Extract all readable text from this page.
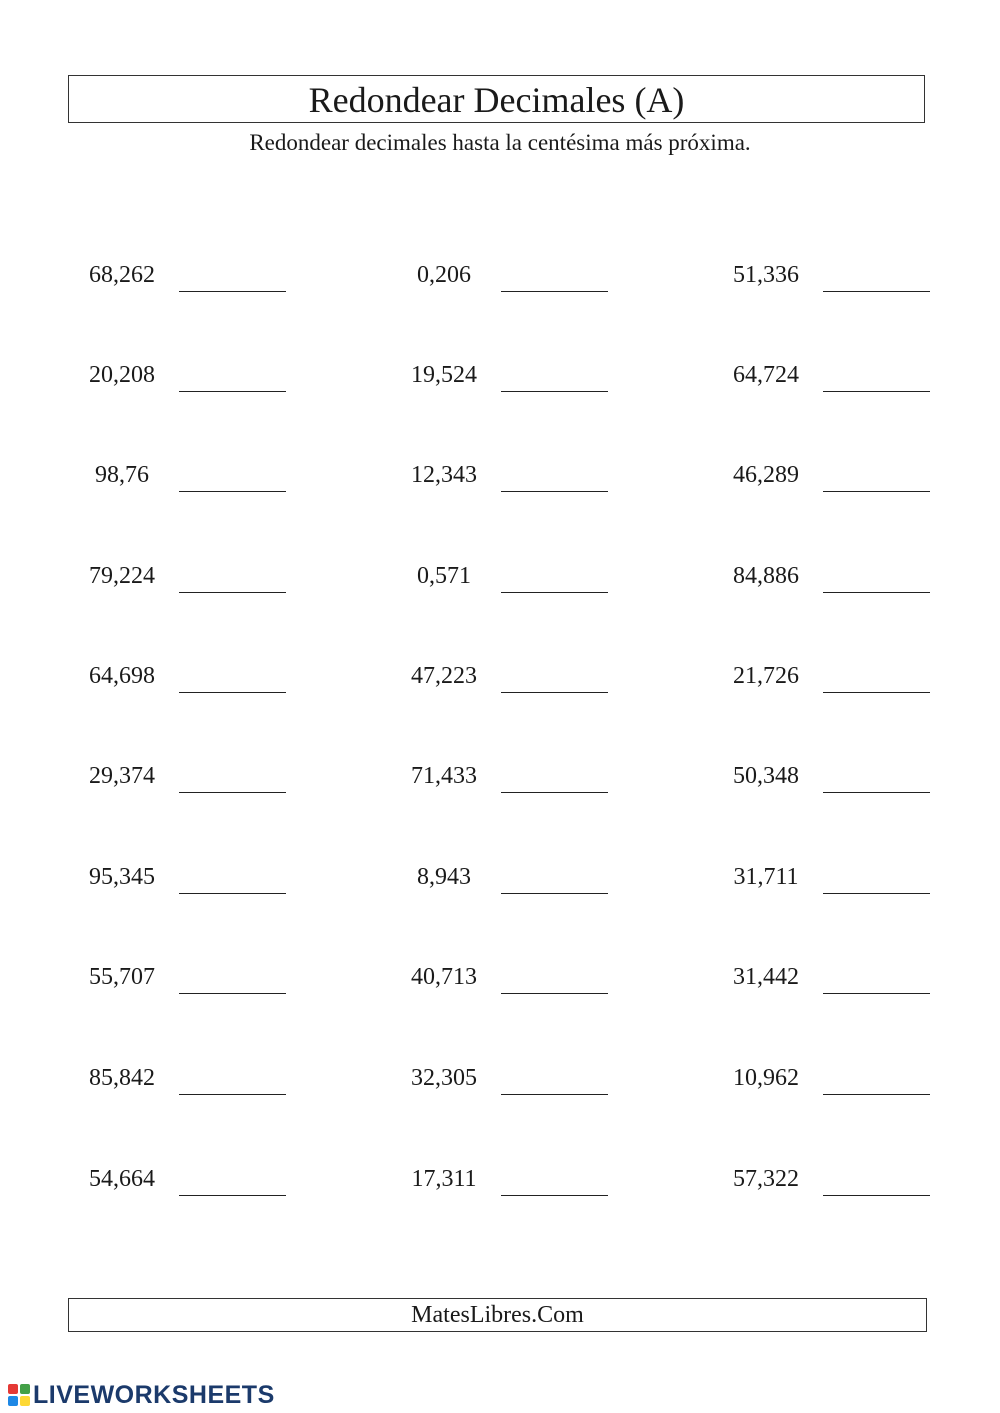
Redondear Decimales (A)
Redondear decimales hasta la centésima más próxima.
68,262
20,208
98,76
79,224
64,698
29,374
95,345
55,707
85,842
54,664
0,206
19,524
12,343
0,571
47,223
71,433
8,943
40,713
32,305
17,311
51,336
64,724
46,289
84,886
21,726
50,348
31,711
31,442
10,962
57,322
MatesLibres.Com
LIVEWORKSHEETS
